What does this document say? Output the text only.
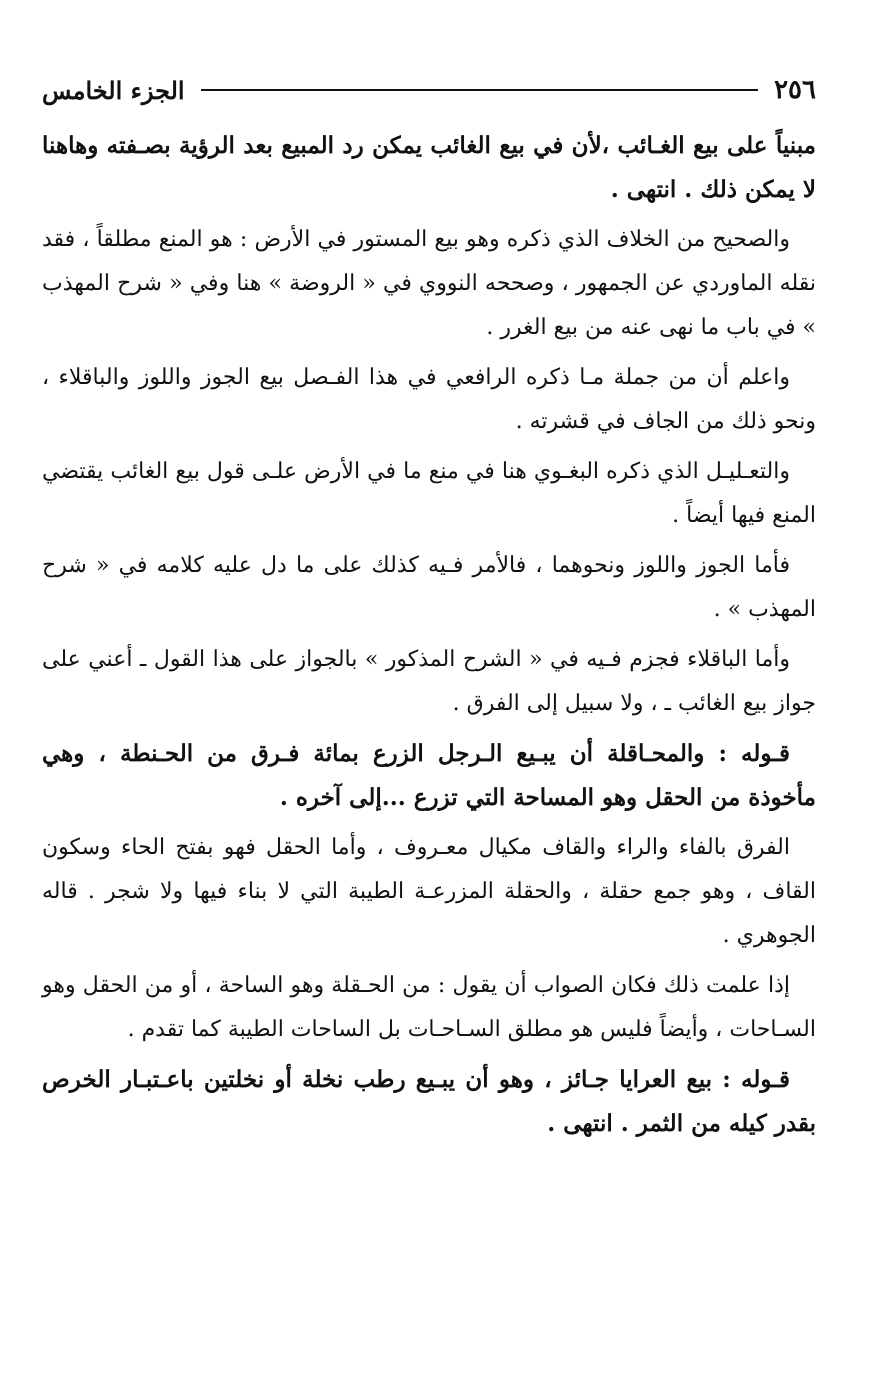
٢٥٦
الجزء الخامس

مبنياً على بيع الغـائب ،لأن في بيع الغائب يمكن رد المبيع بعد الرؤية بصـفته وهاهنا لا يمكن ذلك . انتهى .

والصحيح من الخلاف الذي ذكره وهو بيع المستور في الأرض : هو المنع مطلقاً ، فقد نقله الماوردي عن الجمهور ، وصححه النووي في « الروضة » هنا وفي « شرح المهذب » في باب ما نهى عنه من بيع الغرر .

واعلم أن من جملة مـا ذكره الرافعي في هذا الفـصل بيع الجوز واللوز والباقلاء ، ونحو ذلك من الجاف في قشرته .

والتعـليـل الذي ذكره البغـوي هنا في منع ما في الأرض علـى قول بيع الغائب يقتضي المنع فيها أيضاً .

فأما الجوز واللوز ونحوهما ، فالأمر فـيه كذلك على ما دل عليه كلامه في « شرح المهذب » .

وأما الباقلاء فجزم فـيه في « الشرح المذكور » بالجواز على هذا القول ـ أعني على جواز بيع الغائب ـ ، ولا سبيل إلى الفرق .

قـوله : والمحـاقلة أن يبـيع الـرجل الزرع بمائة فـرق من الحـنطة ، وهي مأخوذة من الحقل وهو المساحة التي تزرع ...إلى آخره .

الفرق بالفاء والراء والقاف مكيال معـروف ، وأما الحقل فهو بفتح الحاء وسكون القاف ، وهو جمع حقلة ، والحقلة المزرعـة الطيبة التي لا بناء فيها ولا شجر . قاله الجوهري .

إذا علمت ذلك فكان الصواب أن يقول : من الحـقلة وهو الساحة ، أو من الحقل وهو السـاحات ، وأيضاً فليس هو مطلق السـاحـات بل الساحات الطيبة كما تقدم .

قـوله : بيع العرايا جـائز ، وهو أن يبـيع رطب نخلة أو نخلتين باعـتبـار الخرص بقدر كيله من الثمر . انتهى .
